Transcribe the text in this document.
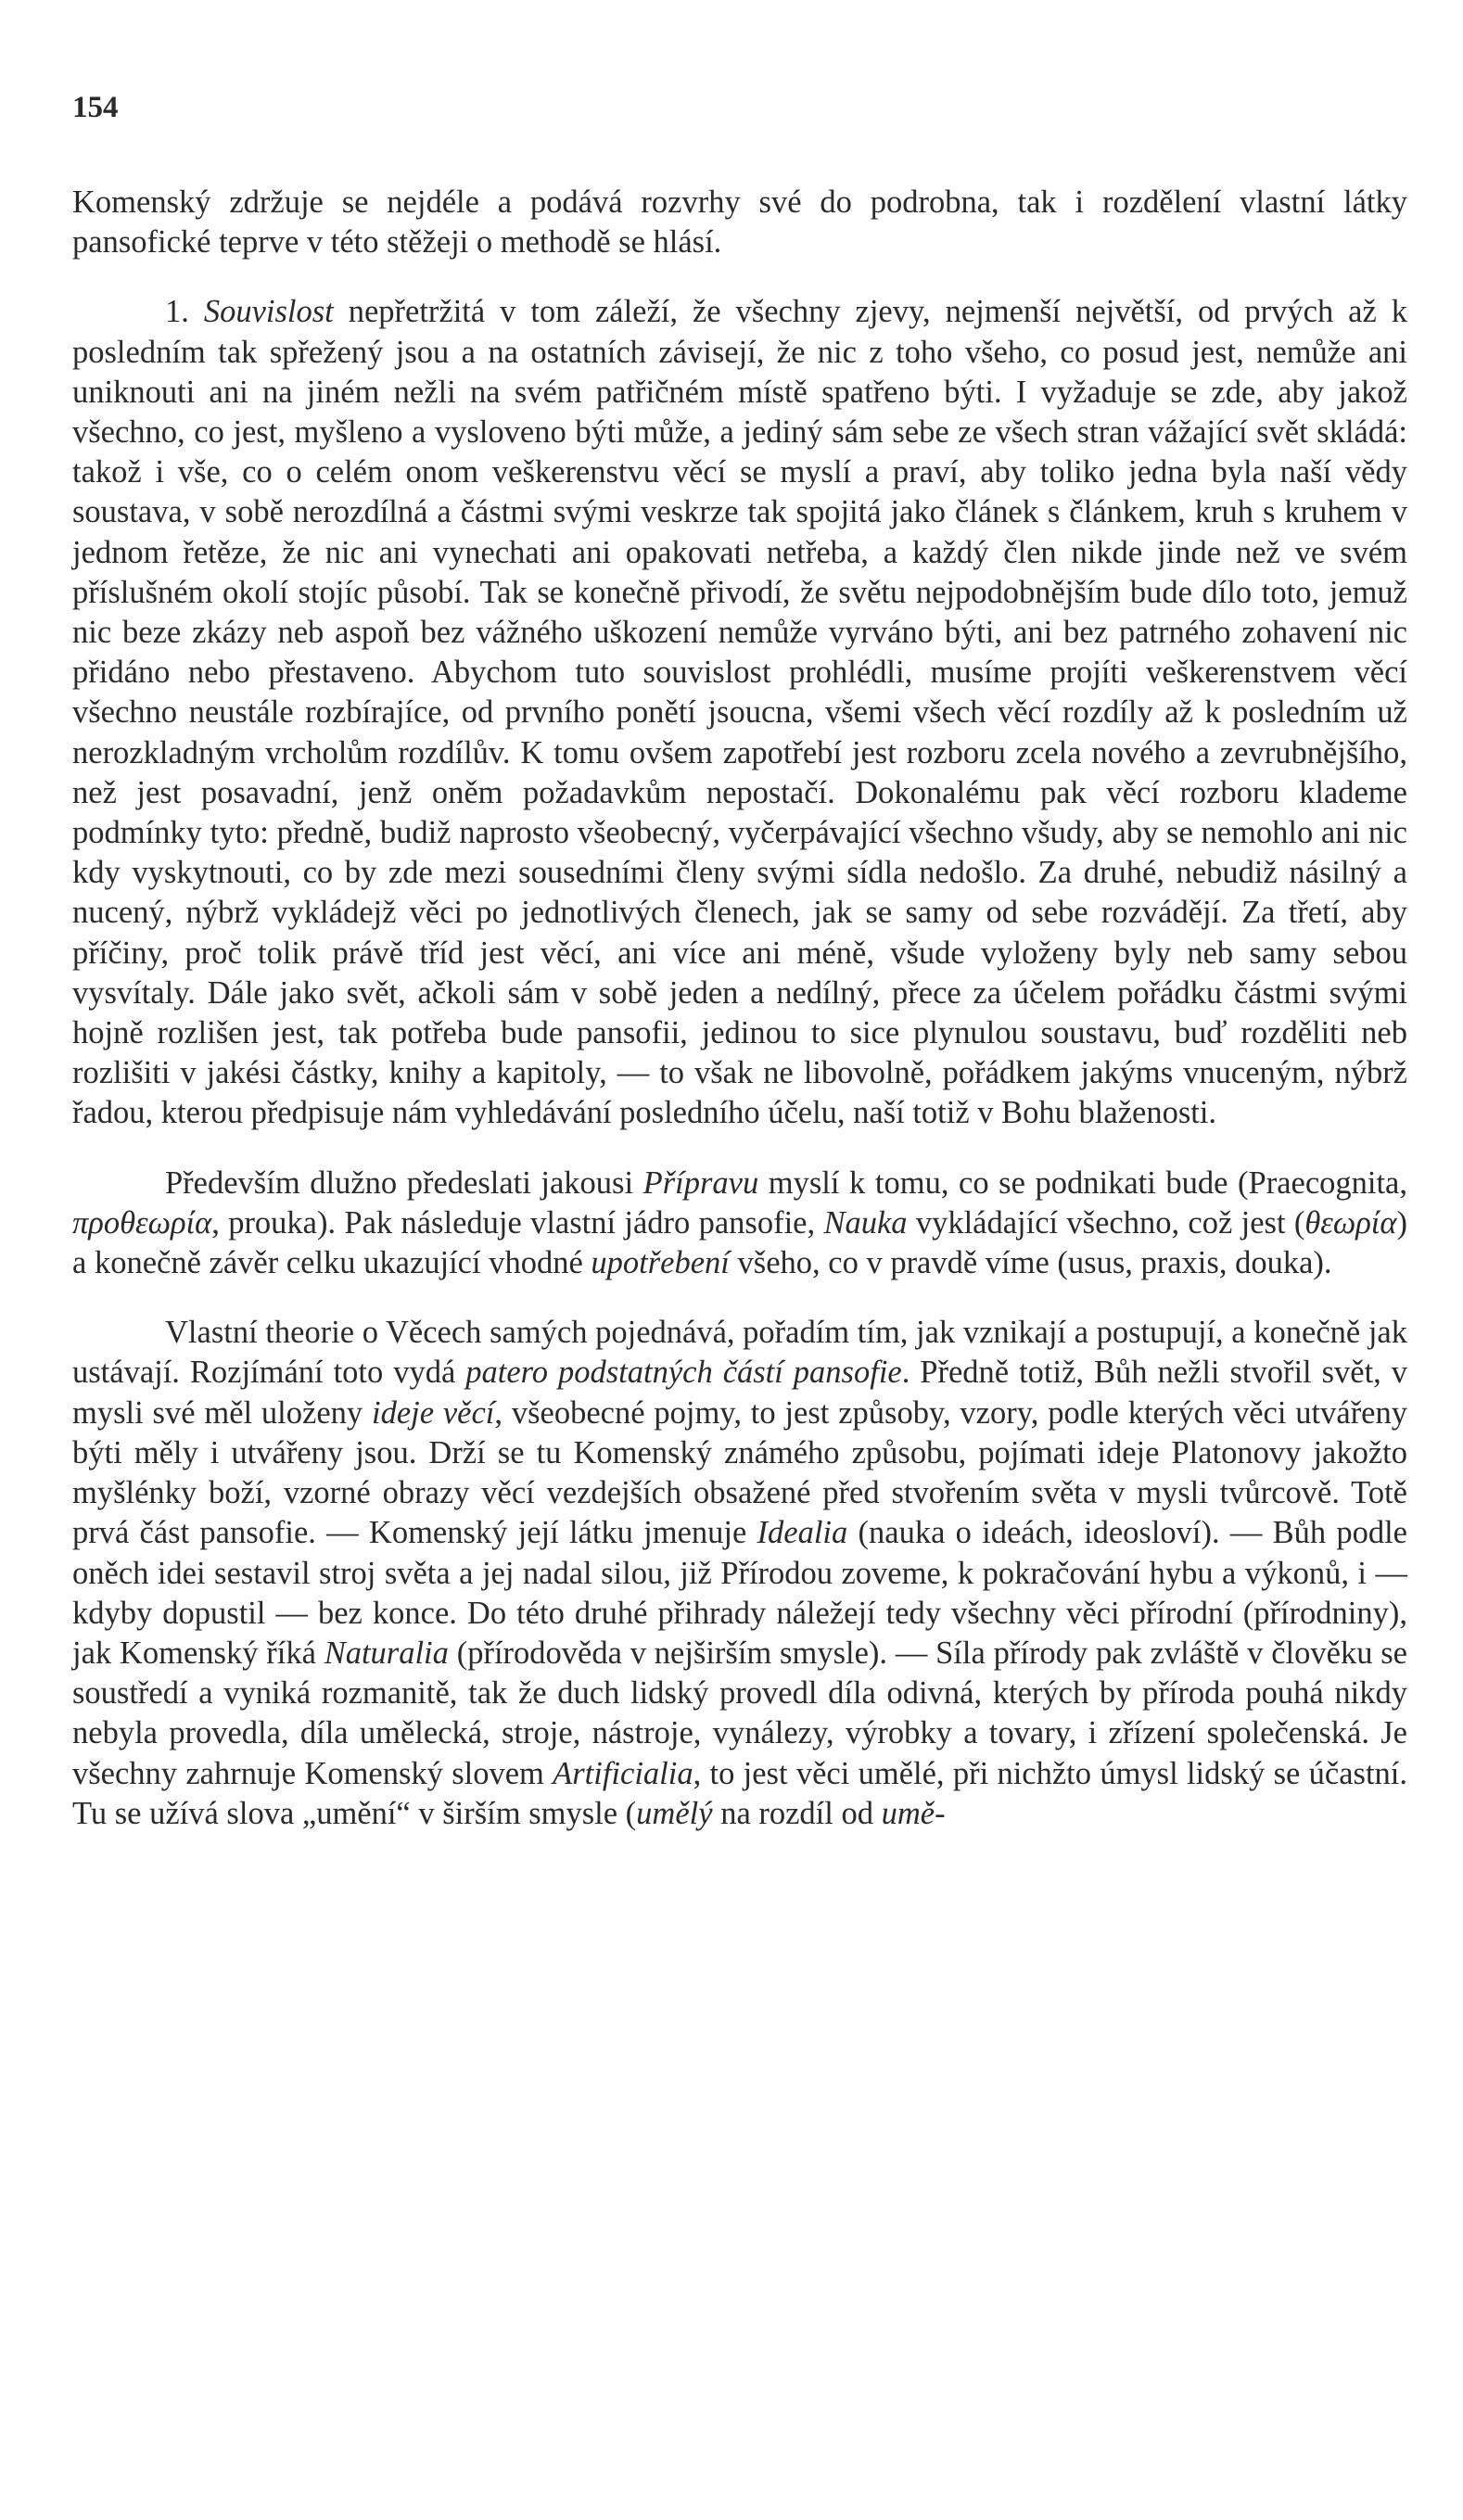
154

Komenský zdržuje se nejdéle a podává rozvrhy své do podrobna, tak i rozdělení vlastní látky pansofické teprve v této stěžeji o methodě se hlásí.

1. Souvislost nepřetržitá v tom záleží, že všechny zjevy, nejmenší největší, od prvých až k posledním tak spřežený jsou a na ostatních závisejí, že nic z toho všeho, co posud jest, nemůže ani uniknouti ani na jiném nežli na svém patřičném místě spatřeno býti. I vyžaduje se zde, aby jakož všechno, co jest, myšleno a vysloveno býti může, a jediný sám sebe ze všech stran vážající svět skládá: takož i vše, co o celém onom veškerenstvu věcí se myslí a praví, aby toliko jedna byla naší vědy soustava, v sobě nerozdílná a částmi svými veskrze tak spojitá jako článek s článkem, kruh s kruhem v jednom řetěze, že nic ani vynechati ani opakovati netřeba, a každý člen nikde jinde než ve svém příslušném okolí stojíc působí. Tak se konečně přivodí, že světu nejpodobnějším bude dílo toto, jemuž nic beze zkázy neb aspoň bez vážného uškození nemůže vyrváno býti, ani bez patrného zohavení nic přidáno nebo přestaveno. Abychom tuto souvislost prohlédli, musíme projíti veškerenstvem věcí všechno neustále rozbírajíce, od prvního ponětí jsoucna, všemi všech věcí rozdíly až k posledním už nerozkladným vrcholům rozdílův. K tomu ovšem zapotřebí jest rozboru zcela nového a zevrubnějšího, než jest posavadní, jenž oněm požadavkům nepostačí. Dokonalému pak věcí rozboru klademe podmínky tyto: předně, budiž naprosto všeobecný, vyčerpávající všechno všudy, aby se nemohlo ani nic kdy vyskytnouti, co by zde mezi sousedními členy svými sídla nedošlo. Za druhé, nebudiž násilný a nucený, nýbrž vykládejž věci po jednotlivých členech, jak se samy od sebe rozvádějí. Za třetí, aby příčiny, proč tolik právě tříd jest věcí, ani více ani méně, všude vyloženy byly neb samy sebou vysvítaly. Dále jako svět, ačkoli sám v sobě jeden a nedílný, přece za účelem pořádku částmi svými hojně rozlišen jest, tak potřeba bude pansofii, jedinou to sice plynulou soustavu, buď rozděliti neb rozlišiti v jakési částky, knihy a kapitoly, — to však ne libovolně, pořádkem jakýms vnuceným, nýbrž řadou, kterou předpisuje nám vyhledávání posledního účelu, naší totiž v Bohu blaženosti.

Především dlužno předeslati jakousi Přípravu myslí k tomu, co se podnikati bude (Praecognita, προθεωρία, prouka). Pak následuje vlastní jádro pansofie, Nauka vykládající všechno, což jest (θεωρία) a konečně závěr celku ukazující vhodné upotřebení všeho, co v pravdě víme (usus, praxis, douka).

Vlastní theorie o Věcech samých pojednává, pořadím tím, jak vznikají a postupují, a konečně jak ustávají. Rozjímání toto vydá patero podstatných částí pansofie. Předně totiž, Bůh nežli stvořil svět, v mysli své měl uloženy ideje věcí, všeobecné pojmy, to jest způsoby, vzory, podle kterých věci utvářeny býti měly i utvářeny jsou. Drží se tu Komenský známého způsobu, pojímati ideje Platonovy jakožto myšlénky boží, vzorné obrazy věcí vezdejších obsažené před stvořením světa v mysli tvůrcově. Totě prvá část pansofie. — Komenský její látku jmenuje Idealia (nauka o ideách, ideosloví). — Bůh podle oněch idei sestavil stroj světa a jej nadal silou, již Přírodou zoveme, k pokračování hybu a výkonů, i — kdyby dopustil — bez konce. Do této druhé přihrady náležejí tedy všechny věci přírodní (přírodniny), jak Komenský říká Naturalia (přírodověda v nejširším smysle). — Síla přírody pak zvláště v člověku se soustředí a vyniká rozmanitě, tak že duch lidský provedl díla odivná, kterých by příroda pouhá nikdy nebyla provedla, díla umělecká, stroje, nástroje, vynálezy, výrobky a tovary, i zřízení společenská. Je všechny zahrnuje Komenský slovem Artificialia, to jest věci umělé, při nichžto úmysl lidský se účastní. Tu se užívá slova „umění“ v širším smysle (umělý na rozdíl od umě-
